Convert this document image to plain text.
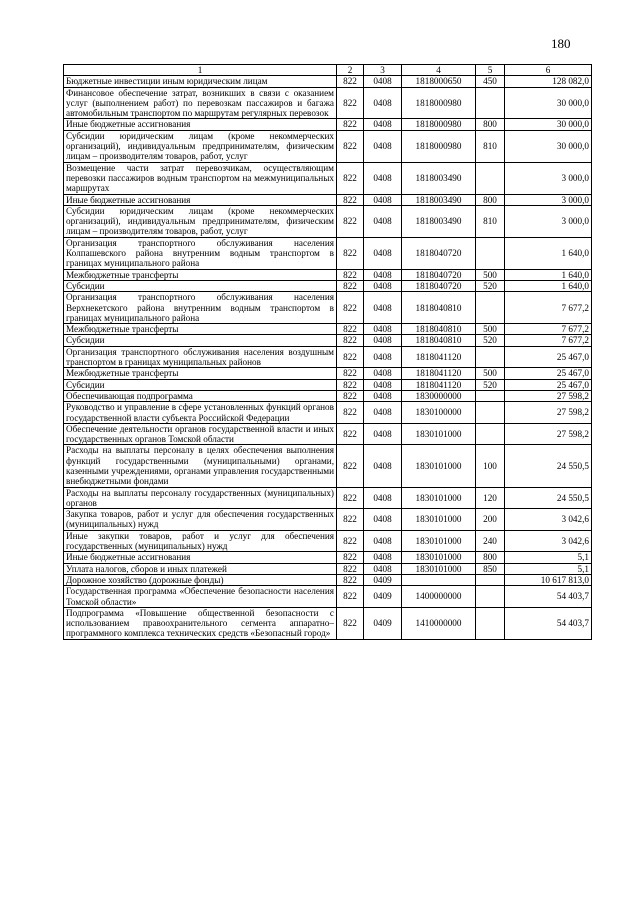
180
1	2	3	4	5	6
Бюджетные инвестиции иным юридическим лицам	822	0408	1818000650	450	128 082,0
Финансовое обеспечение затрат, возникших в связи с оказанием услуг (выполнением работ) по перевозкам пассажиров и багажа автомобильным транспортом по маршрутам регулярных перевозок	822	0408	1818000980		30 000,0
Иные бюджетные ассигнования	822	0408	1818000980	800	30 000,0
Субсидии юридическим лицам (кроме некоммерческих организаций), индивидуальным предпринимателям, физическим лицам – производителям товаров, работ, услуг	822	0408	1818000980	810	30 000,0
Возмещение части затрат перевозчикам, осуществляющим перевозки пассажиров водным транспортом на межмуниципальных маршрутах	822	0408	1818003490		3 000,0
Иные бюджетные ассигнования	822	0408	1818003490	800	3 000,0
Субсидии юридическим лицам (кроме некоммерческих организаций), индивидуальным предпринимателям, физическим лицам – производителям товаров, работ, услуг	822	0408	1818003490	810	3 000,0
Организация транспортного обслуживания населения Колпашевского района внутренним водным транспортом в границах муниципального района	822	0408	1818040720		1 640,0
Межбюджетные трансферты	822	0408	1818040720	500	1 640,0
Субсидии	822	0408	1818040720	520	1 640,0
Организация транспортного обслуживания населения Верхнекетского района внутренним водным транспортом в границах муниципального района	822	0408	1818040810		7 677,2
Межбюджетные трансферты	822	0408	1818040810	500	7 677,2
Субсидии	822	0408	1818040810	520	7 677,2
Организация транспортного обслуживания населения воздушным транспортом в границах муниципальных районов	822	0408	1818041120		25 467,0
Межбюджетные трансферты	822	0408	1818041120	500	25 467,0
Субсидии	822	0408	1818041120	520	25 467,0
Обеспечивающая подпрограмма	822	0408	1830000000		27 598,2
Руководство и управление в сфере установленных функций органов государственной власти субъекта Российской Федерации	822	0408	1830100000		27 598,2
Обеспечение деятельности органов государственной власти и иных государственных органов Томской области	822	0408	1830101000		27 598,2
Расходы на выплаты персоналу в целях обеспечения выполнения функций государственными (муниципальными) органами, казенными учреждениями, органами управления государственными внебюджетными фондами	822	0408	1830101000	100	24 550,5
Расходы на выплаты персоналу государственных (муниципальных) органов	822	0408	1830101000	120	24 550,5
Закупка товаров, работ и услуг для обеспечения государственных (муниципальных) нужд	822	0408	1830101000	200	3 042,6
Иные закупки товаров, работ и услуг для обеспечения государственных (муниципальных) нужд	822	0408	1830101000	240	3 042,6
Иные бюджетные ассигнования	822	0408	1830101000	800	5,1
Уплата налогов, сборов и иных платежей	822	0408	1830101000	850	5,1
Дорожное хозяйство (дорожные фонды)	822	0409			10 617 813,0
Государственная программа «Обеспечение безопасности населения Томской области»	822	0409	1400000000		54 403,7
Подпрограмма «Повышение общественной безопасности с использованием правоохранительного сегмента аппаратно–программного комплекса технических средств «Безопасный город»	822	0409	1410000000		54 403,7
